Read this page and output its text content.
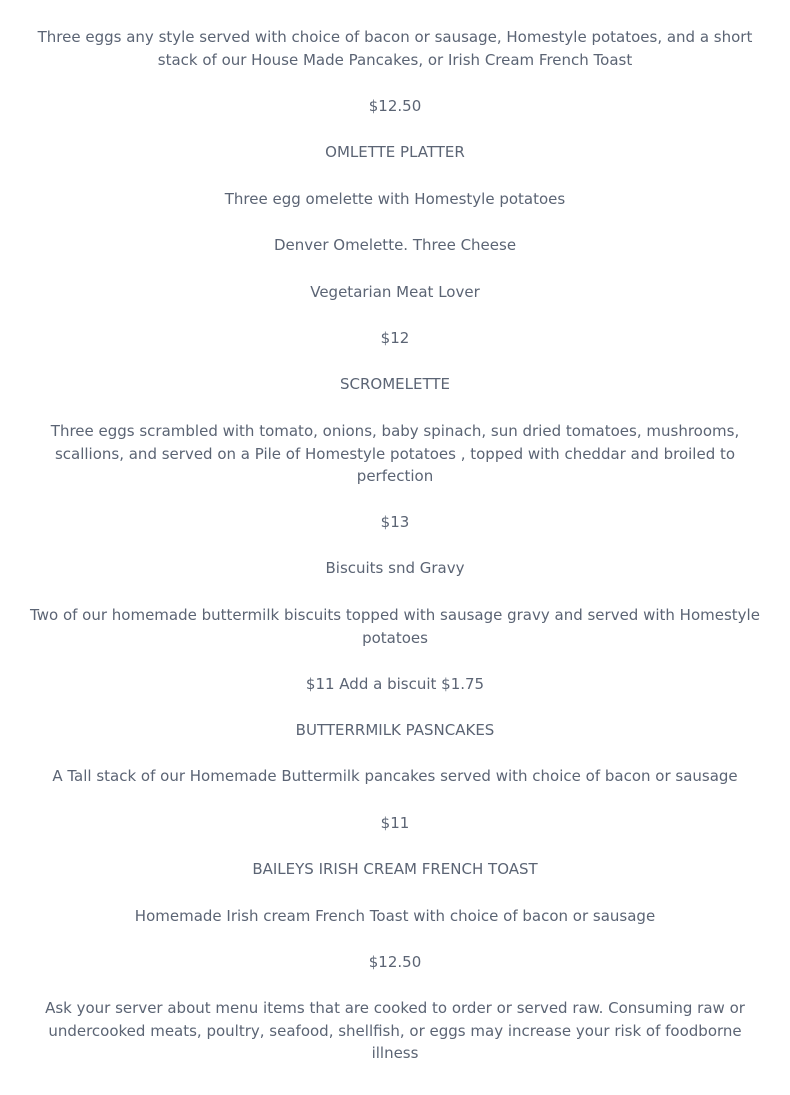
Three eggs any style served with choice of bacon or sausage, Homestyle potatoes, and a short stack of our House Made Pancakes, or Irish Cream French Toast
$12.50
OMLETTE PLATTER
Three egg omelette with Homestyle potatoes
Denver Omelette. Three Cheese
Vegetarian Meat Lover
$12
SCROMELETTE
Three eggs scrambled with tomato, onions, baby spinach, sun dried tomatoes, mushrooms, scallions, and served on a Pile of Homestyle potatoes , topped with cheddar and broiled to perfection
$13
Biscuits snd Gravy
Two of our homemade buttermilk biscuits topped with sausage gravy and served with Homestyle potatoes
$11 Add a biscuit $1.75
BUTTERRMILK PASNCAKES
A Tall stack of our Homemade Buttermilk pancakes served with choice of bacon or sausage
$11
BAILEYS IRISH CREAM FRENCH TOAST
Homemade Irish cream French Toast with choice of bacon or sausage
$12.50
Ask your server about menu items that are cooked to order or served raw. Consuming raw or undercooked meats, poultry, seafood, shellfish, or eggs may increase your risk of foodborne illness
